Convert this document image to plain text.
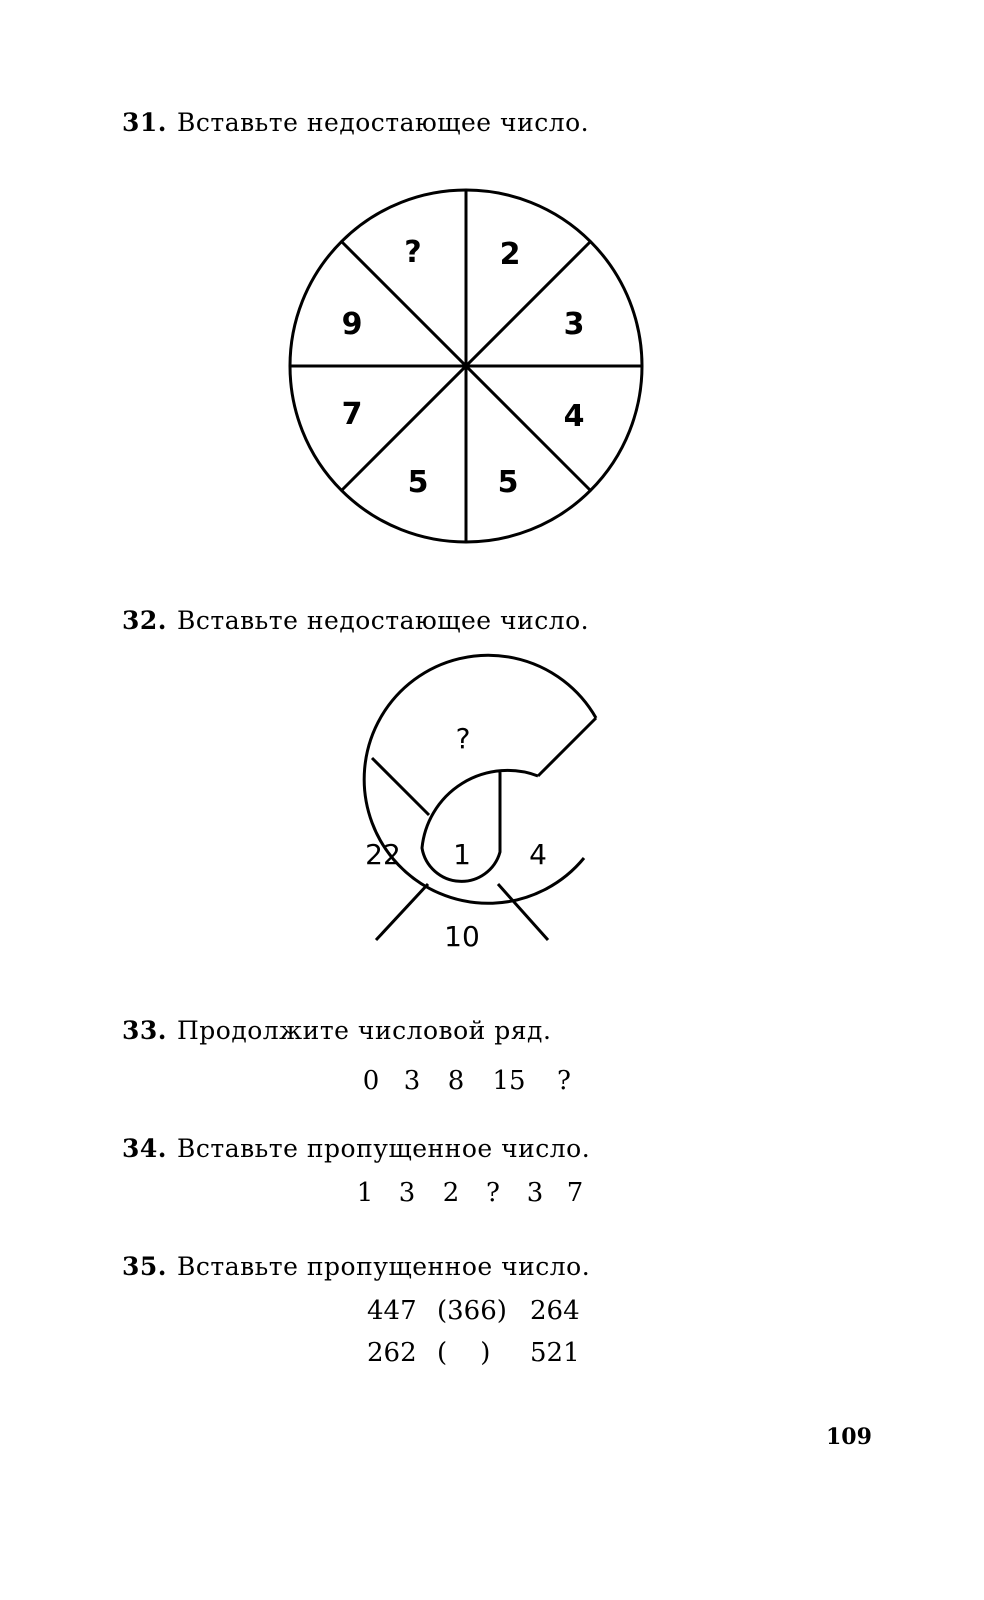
31. Вставьте недостающее число.
?	2
3
4
5
5
7
9
?
22 1 4
10
32. Вставьте недостающее число.
33. Продолжите числовой ряд.
0 3 8 15 ?
34. Вставьте пропущенное число.
1 3 2 ? 3 7
35. Вставьте пропущенное число.
447 (366) 264
262 (    ) 521
109
